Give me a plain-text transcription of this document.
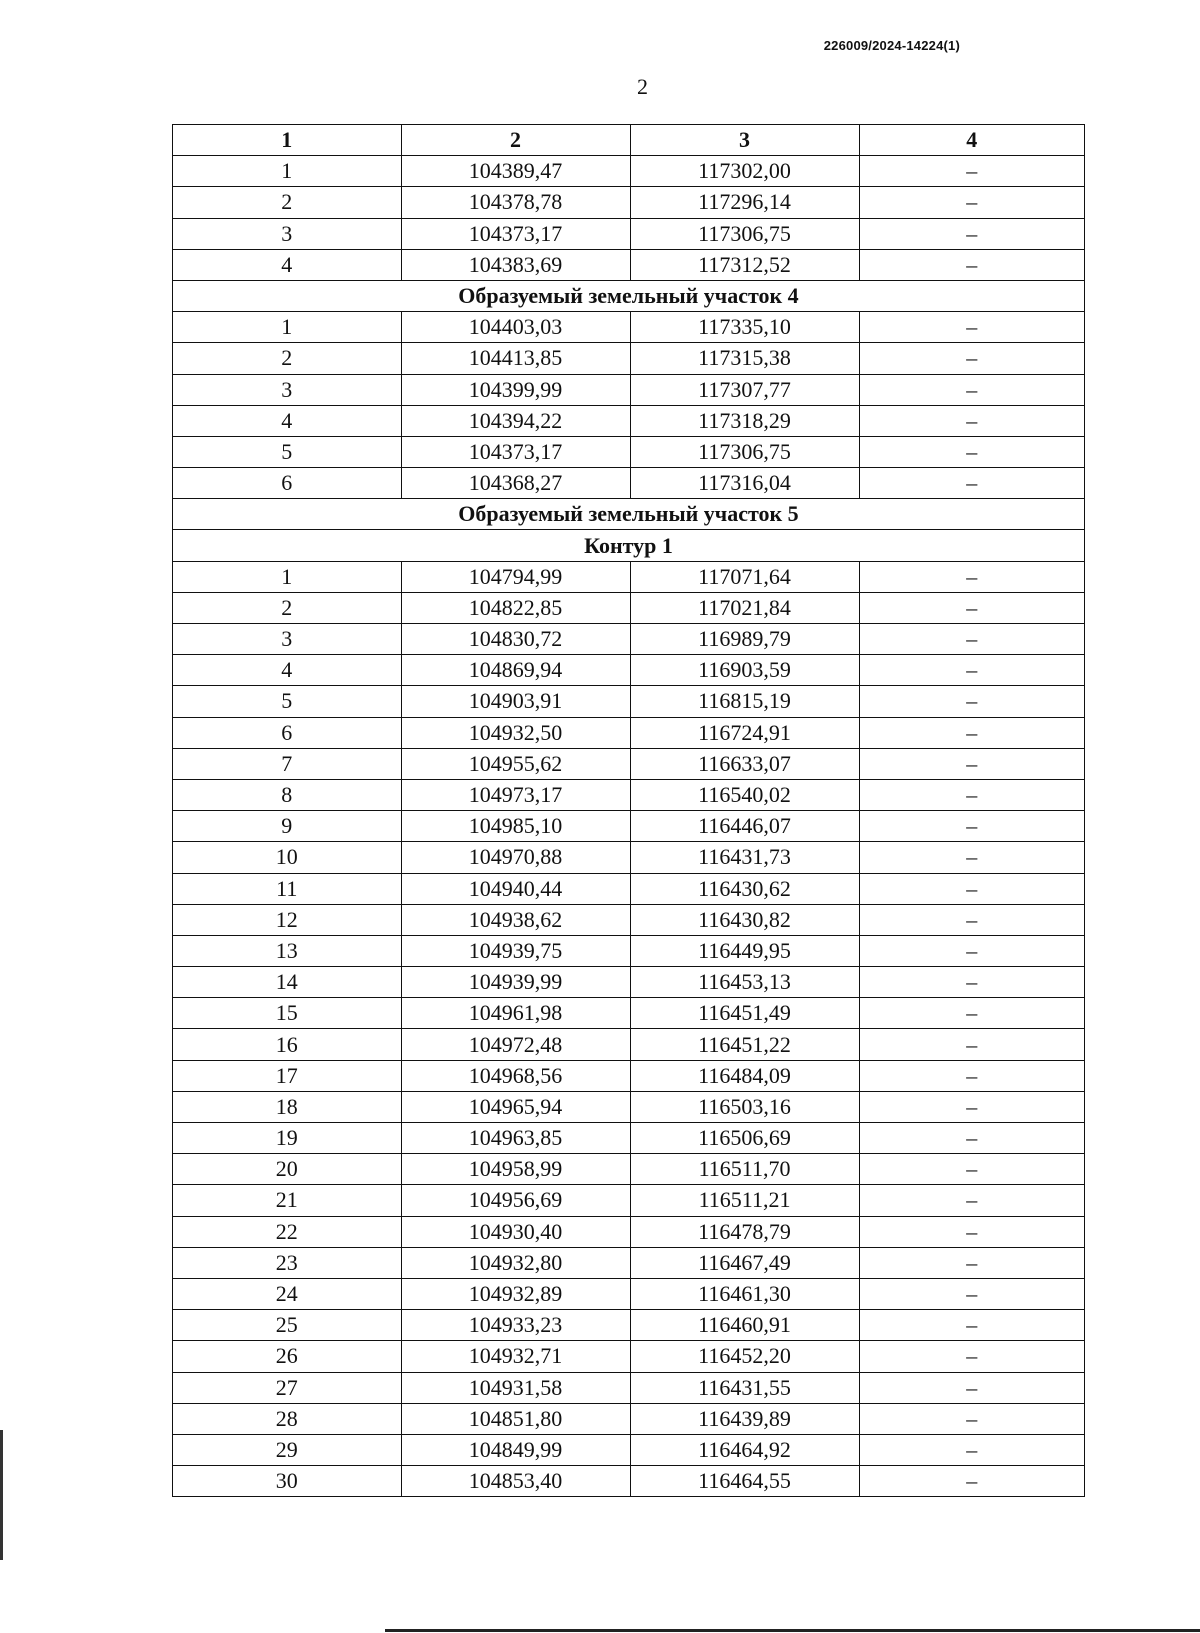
226009/2024-14224(1)
2
1	2	3	4
1	104389,47	117302,00	–
2	104378,78	117296,14	–
3	104373,17	117306,75	–
4	104383,69	117312,52	–
Образуемый земельный участок 4			
1	104403,03	117335,10	–
2	104413,85	117315,38	–
3	104399,99	117307,77	–
4	104394,22	117318,29	–
5	104373,17	117306,75	–
6	104368,27	117316,04	–
Образуемый земельный участок 5			
Контур 1			
1	104794,99	117071,64	–
2	104822,85	117021,84	–
3	104830,72	116989,79	–
4	104869,94	116903,59	–
5	104903,91	116815,19	–
6	104932,50	116724,91	–
7	104955,62	116633,07	–
8	104973,17	116540,02	–
9	104985,10	116446,07	–
10	104970,88	116431,73	–
11	104940,44	116430,62	–
12	104938,62	116430,82	–
13	104939,75	116449,95	–
14	104939,99	116453,13	–
15	104961,98	116451,49	–
16	104972,48	116451,22	–
17	104968,56	116484,09	–
18	104965,94	116503,16	–
19	104963,85	116506,69	–
20	104958,99	116511,70	–
21	104956,69	116511,21	–
22	104930,40	116478,79	–
23	104932,80	116467,49	–
24	104932,89	116461,30	–
25	104933,23	116460,91	–
26	104932,71	116452,20	–
27	104931,58	116431,55	–
28	104851,80	116439,89	–
29	104849,99	116464,92	–
30	104853,40	116464,55	–
